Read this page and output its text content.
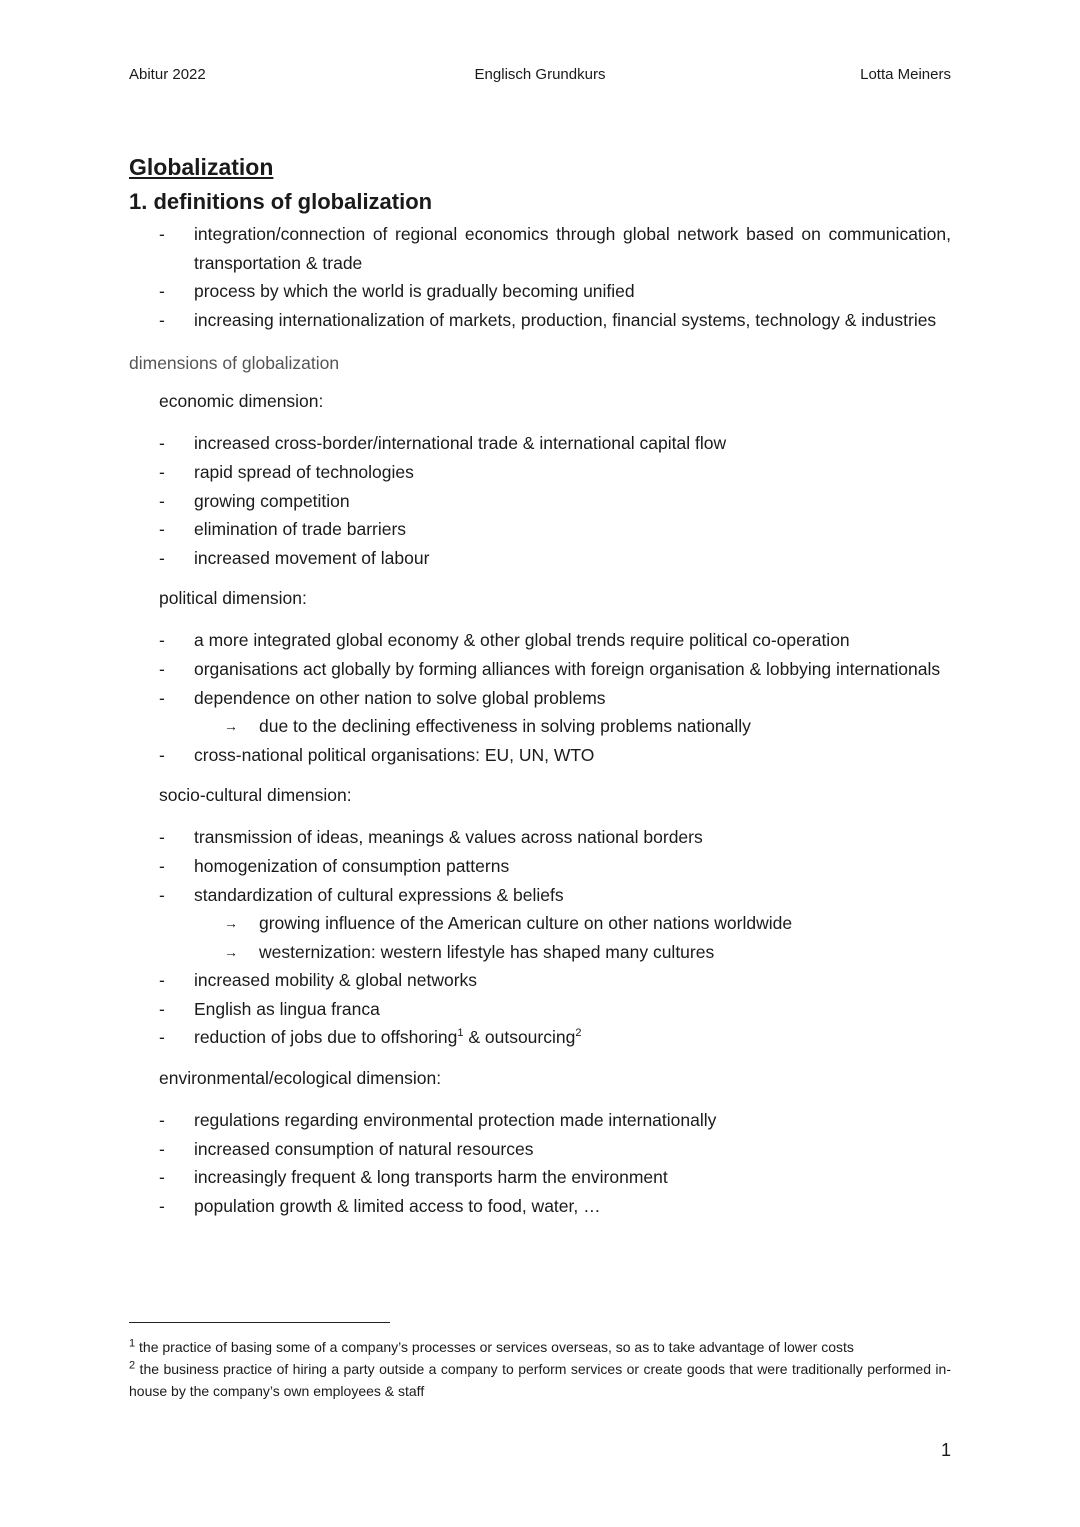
Abitur 2022	Englisch Grundkurs	Lotta Meiners
Globalization
1. definitions of globalization
- integration/connection of regional economics through global network based on communication, transportation & trade
- process by which the world is gradually becoming unified
- increasing internationalization of markets, production, financial systems, technology & industries
dimensions of globalization
economic dimension:
- increased cross-border/international trade & international capital flow
- rapid spread of technologies
- growing competition
- elimination of trade barriers
- increased movement of labour
political dimension:
- a more integrated global economy & other global trends require political co-operation
- organisations act globally by forming alliances with foreign organisation & lobbying internationals
- dependence on other nation to solve global problems
→ due to the declining effectiveness in solving problems nationally
- cross-national political organisations: EU, UN, WTO
socio-cultural dimension:
- transmission of ideas, meanings & values across national borders
- homogenization of consumption patterns
- standardization of cultural expressions & beliefs
→ growing influence of the American culture on other nations worldwide
→ westernization: western lifestyle has shaped many cultures
- increased mobility & global networks
- English as lingua franca
- reduction of jobs due to offshoring$^1$ & outsourcing$^2$
environmental/ecological dimension:
- regulations regarding environmental protection made internationally
- increased consumption of natural resources
- increasingly frequent & long transports harm the environment
- population growth & limited access to food, water, …

$^1$ the practice of basing some of a company’s processes or services overseas, so as to take advantage of lower costs

$^2$ the business practice of hiring a party outside a company to perform services or create goods that were traditionally performed in-house by the company’s own employees & staff

1
